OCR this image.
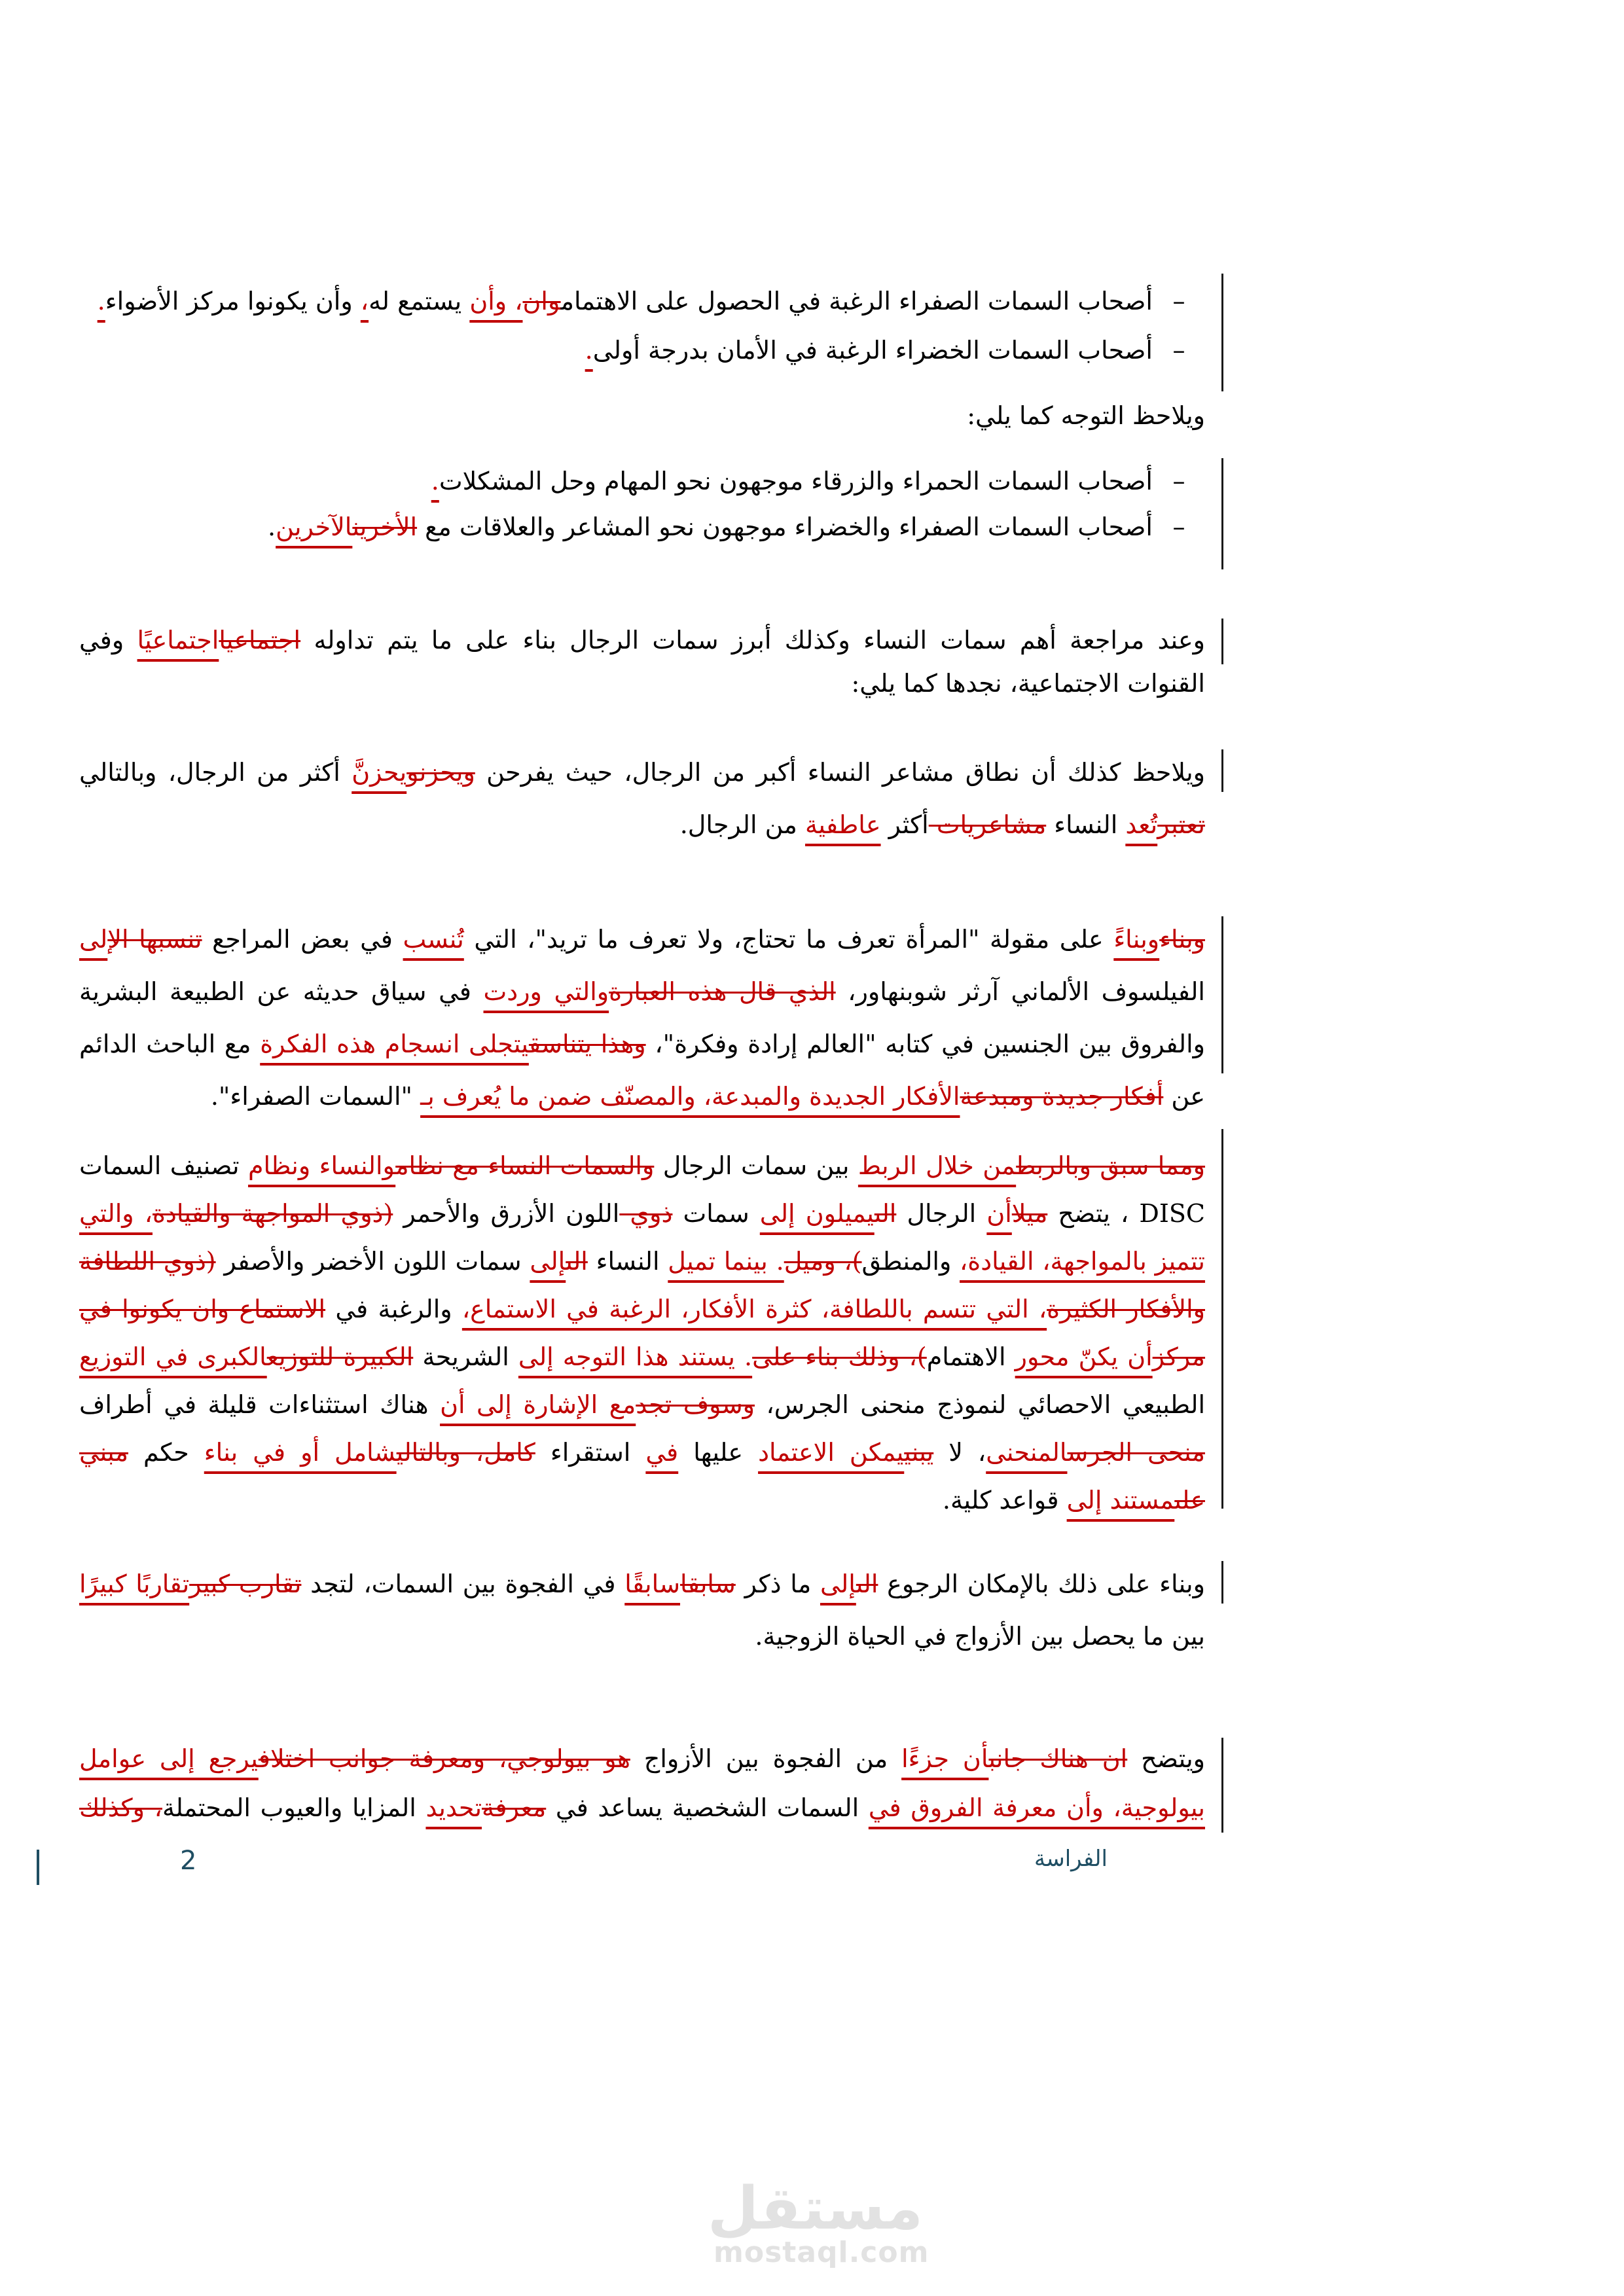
–أصحاب السمات الصفراء الرغبة في الحصول على الاهتماموان، وأن يستمع له، وأن يكونوا مركز الأضواء.
–أصحاب السمات الخضراء الرغبة في الأمان بدرجة أولى.
ويلاحظ التوجه كما يلي:
–أصحاب السمات الحمراء والزرقاء موجهون نحو المهام وحل المشكلات.
–أصحاب السمات الصفراء والخضراء موجهون نحو المشاعر والعلاقات مع الأخرينالآخرين.
وعند مراجعة أهم سمات النساء وكذلك أبرز سمات الرجال بناء على ما يتم تداوله اجتماعيااجتماعيًا وفي القنوات الاجتماعية، نجدها كما يلي:
ويلاحظ كذلك أن نطاق مشاعر النساء أكبر من الرجال، حيث يفرحن ويحزنويحزنَّ أكثر من الرجال، وبالتالي تعتبرتُعد النساء مشاعريات أكثر عاطفية من الرجال.
وبناءوبناءً على مقولة "المرأة تعرف ما تحتاج، ولا تعرف ما تريد"، التي تُنسب في بعض المراجع تنسبها الإلى الفيلسوف الألماني آرثر شوبنهاور، الذي قال هذه العبارةوالتي وردت في سياق حديثه عن الطبيعة البشرية والفروق بين الجنسين في كتابه "العالم إرادة وفكرة"، وهذا يتناسقيتجلى انسجام هذه الفكرة مع الباحث الدائم عن أفكار جديدة ومبدعةالأفكار الجديدة والمبدعة، والمصنّف ضمن ما يُعرف بـ "السمات الصفراء".
ومما سبق وبالربطمن خلال الربط بين سمات الرجال والسمات النساء مع نظاموالنساء ونظام تصنيف السمات DISC ، يتضح ميلاأن الرجال الىيميلون إلى سمات ذوي اللون الأزرق والأحمر (ذوي المواجهة والقيادة، والتي تتميز بالمواجهة، القيادة، والمنطق)، وميل. بينما تميل النساء الىإلى سمات اللون الأخضر والأصفر (ذوي اللطافة والأفكار الكثيرة، التي تتسم باللطافة، كثرة الأفكار، الرغبة في الاستماع، والرغبة في الاستماع وان يكونوا في مركزأن يكنّ محور الاهتمام)، وذلك بناء على. يستند هذا التوجه إلى الشريحة الكبيرة للتوزيعالكبرى في التوزيع الطبيعي الاحصائي لنموذج منحنى الجرس، وسوف تجدمع الإشارة إلى أن هناك استثناءات قليلة في أطراف منحى الجرسالمنحنى، لا يبنييمكن الاعتماد عليها في استقراء كامل، وبالتاليشامل أو في بناء حكم مبني علىمستند إلى قواعد كلية.
وبناء على ذلك بالإمكان الرجوع الىإلى ما ذكر سابقاسابقًا في الفجوة بين السمات، لتجد تقارب كبيرتقاربًا كبيرًا بين ما يحصل بين الأزواج في الحياة الزوجية.
ويتضح ان هناك جانبأن جزءًا من الفجوة بين الأزواج هو بيولوجي، ومعرفة جوانب اختلافيرجع إلى عوامل بيولوجية، وأن معرفة الفروق في السمات الشخصية يساعد في معرفةتحديد المزايا والعيوب المحتملة، وكذلك
2	الفراسة
مستقل
mostaql.com
